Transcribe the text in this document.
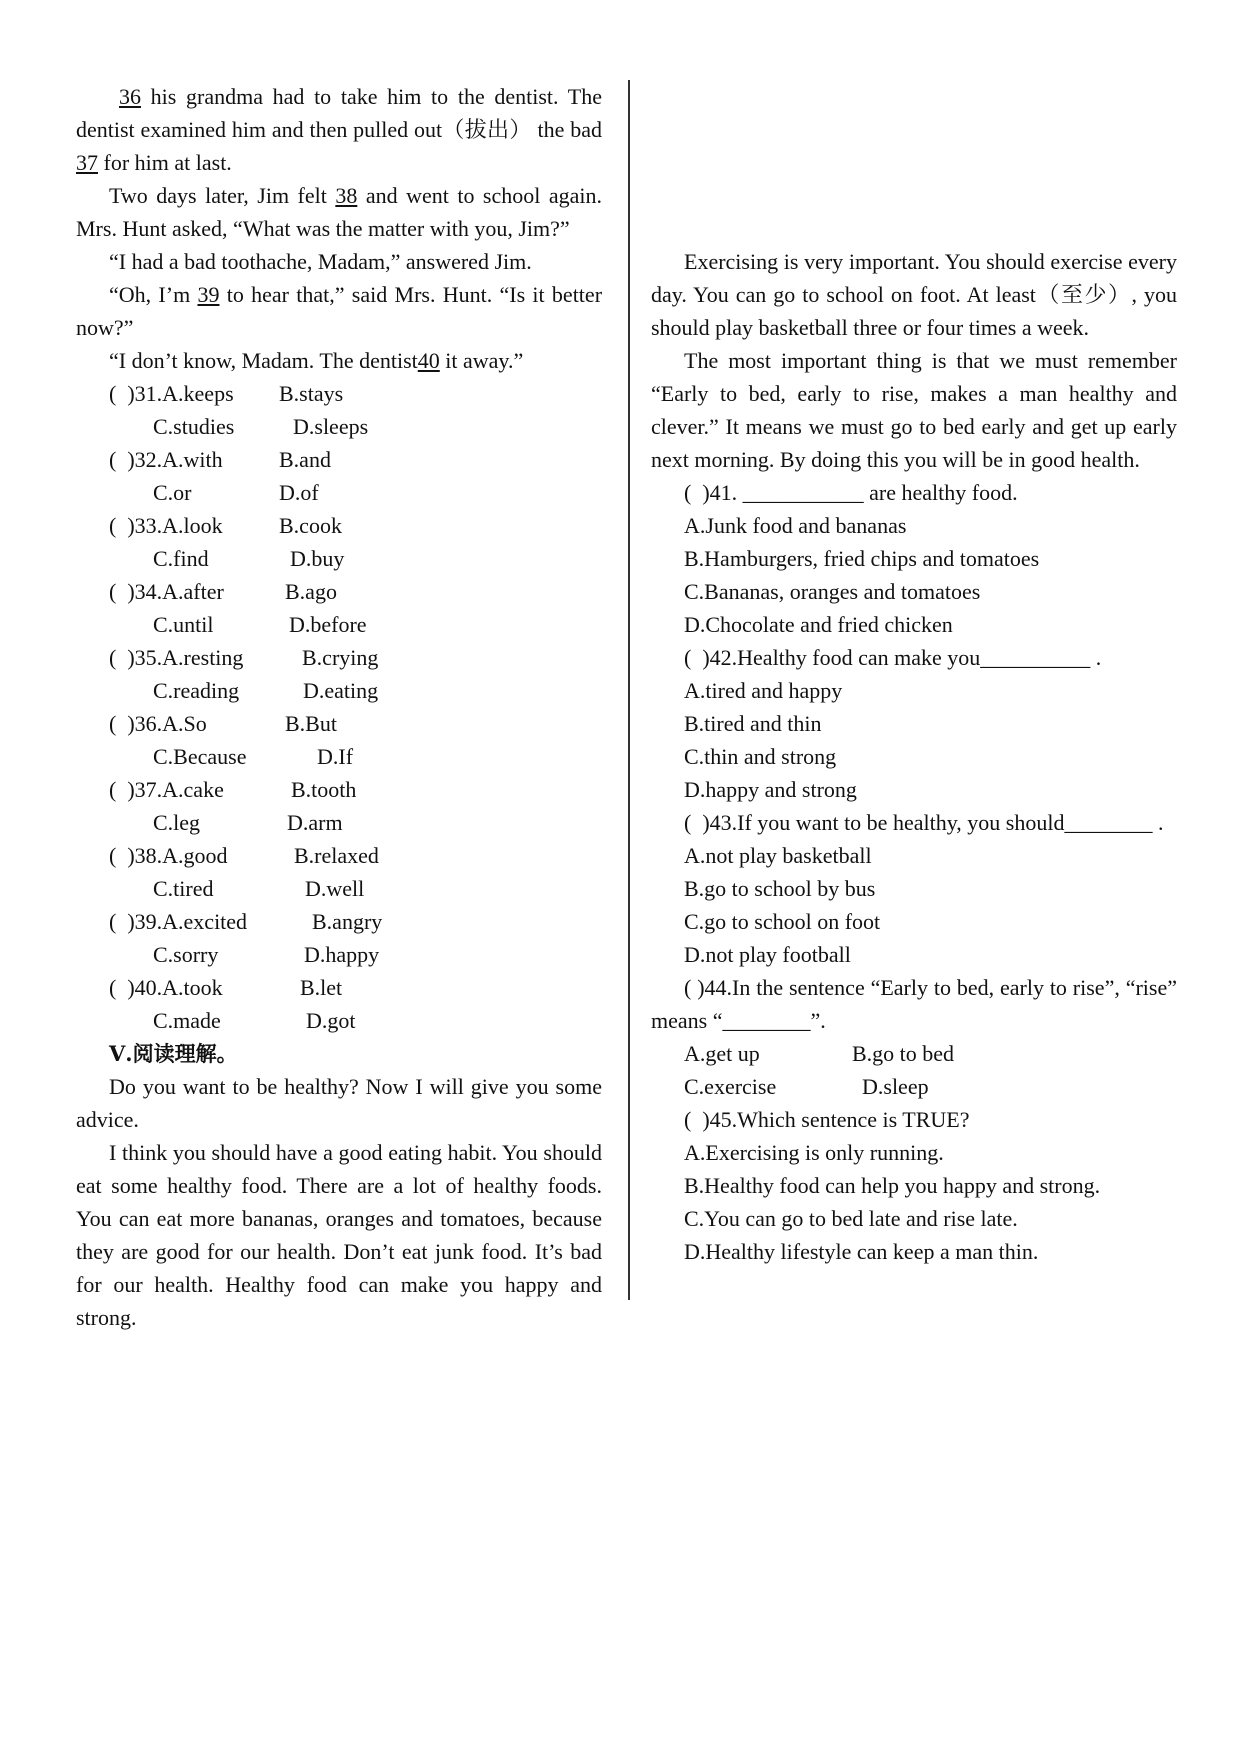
36 his grandma had to take him to the dentist. The dentist examined him and then pulled out（拔出） the bad 37 for him at last.

Two days later, Jim felt 38 and went to school again. Mrs. Hunt asked, “What was the matter with you, Jim?”

“I had a bad toothache, Madam,” answered Jim.

“Oh, I’m 39 to hear that,” said Mrs. Hunt. “Is it better now?”

“I don’t know, Madam. The dentist40 it away.”

(  )31.A.keeps B.stays
C.studies	D.sleeps
(  )32.A.with	B.and
C.or	D.of
(  )33.A.look	B.cook
C.find	D.buy
(  )34.A.after	B.ago
C.until	D.before
(  )35.A.resting	B.crying
C.reading	D.eating
(  )36.A.So	B.But
C.Because	D.If
(  )37.A.cake	B.tooth
C.leg	D.arm
(  )38.A.good	B.relaxed
C.tired	D.well
(  )39.A.excited	B.angry
C.sorry	D.happy
(  )40.A.took	B.let
C.made	D.got
Ⅴ.阅读理解。

Do you want to be healthy? Now I will give you some advice.

I think you should have a good eating habit. You should eat some healthy food. There are a lot of healthy foods. You can eat more bananas, oranges and tomatoes, because they are good for our health. Don’t eat junk food. It’s bad for our health. Healthy food can make you happy and strong.

Exercising is very important. You should exercise every day. You can go to school on foot. At least（至少）, you should play basketball three or four times a week.

The most important thing is that we must remember “Early to bed, early to rise, makes a man healthy and clever.” It means we must go to bed early and get up early next morning. By doing this you will be in good health.

(  )41. ___________ are healthy food.
A.Junk food and bananas
B.Hamburgers, fried chips and tomatoes
C.Bananas, oranges and tomatoes
D.Chocolate and fried chicken
(  )42.Healthy food can make you__________ .
A.tired and happy
B.tired and thin
C.thin and strong
D.happy and strong
(  )43.If you want to be healthy, you should________ .
A.not play basketball
B.go to school by bus
C.go to school on foot
D.not play football

( )44.In the sentence “Early to bed, early to rise”, “rise” means “________”.

A.get up	B.go to bed
C.exercise	D.sleep
(  )45.Which sentence is TRUE?
A.Exercising is only running.
B.Healthy food can help you happy and strong.
C.You can go to bed late and rise late.
D.Healthy lifestyle can keep a man thin.
